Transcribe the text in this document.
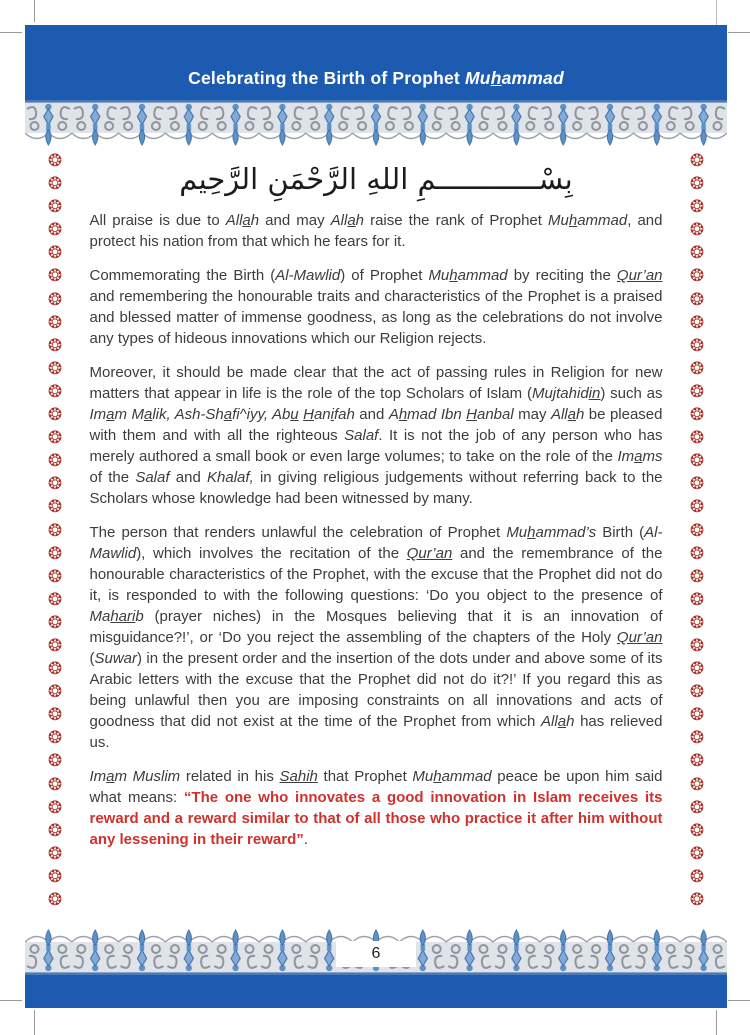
Celebrating the Birth of Prophet Muhammad
❂
❂
❂
❂
❂
❂
❂
❂
❂
❂
❂
❂
❂
❂
❂
❂
❂
❂
❂
❂
❂
❂
❂
❂
❂
❂
❂
❂
❂
❂
❂
❂
❂
❂
❂
❂
❂
❂
❂
❂
❂
❂
❂
❂
❂
❂
❂
❂
❂
❂
❂
❂
❂
❂
❂
❂
❂
❂
❂
❂
❂
❂
❂
❂
❂
❂
بِسْــــــــــــمِ اللهِ الرَّحْمَنِ الرَّحِيم

All praise is due to Allah and may Allah raise the rank of Prophet Muhammad, and protect his nation from that which he fears for it.

Commemorating the Birth (Al-Mawlid) of Prophet Muhammad by reciting the Qur’an and remembering the honourable traits and characteristics of the Prophet is a praised and blessed matter of immense goodness, as long as the celebrations do not involve any types of hideous innovations which our Religion rejects.

Moreover, it should be made clear that the act of passing rules in Religion for new matters that appear in life is the role of the top Scholars of Islam (Mujtahidin) such as Imam Malik, Ash-Shafi^iyy, Abu Hanifah and Ahmad Ibn Hanbal may Allah be pleased with them and with all the righteous Salaf. It is not the job of any person who has merely authored a small book or even large volumes; to take on the role of the Imams of the Salaf and Khalaf, in giving religious judgements without referring back to the Scholars whose knowledge had been witnessed by many.

The person that renders unlawful the celebration of Prophet Muhammad’s Birth (Al-Mawlid), which involves the recitation of the Qur’an and the remembrance of the honourable characteristics of the Prophet, with the excuse that the Prophet did not do it, is responded to with the following questions: ‘Do you object to the presence of Maharib (prayer niches) in the Mosques believing that it is an innovation of misguidance?!’, or ‘Do you reject the assembling of the chapters of the Holy Qur’an (Suwar) in the present order and the insertion of the dots under and above some of its Arabic letters with the excuse that the Prophet did not do it?!’ If you regard this as being unlawful then you are imposing constraints on all innovations and acts of goodness that did not exist at the time of the Prophet from which Allah has relieved us.

Imam Muslim related in his Sahih that Prophet Muhammad peace be upon him said what means: “The one who innovates a good innovation in Islam receives its reward and a reward similar to that of all those who practice it after him without any lessening in their reward”.

6
